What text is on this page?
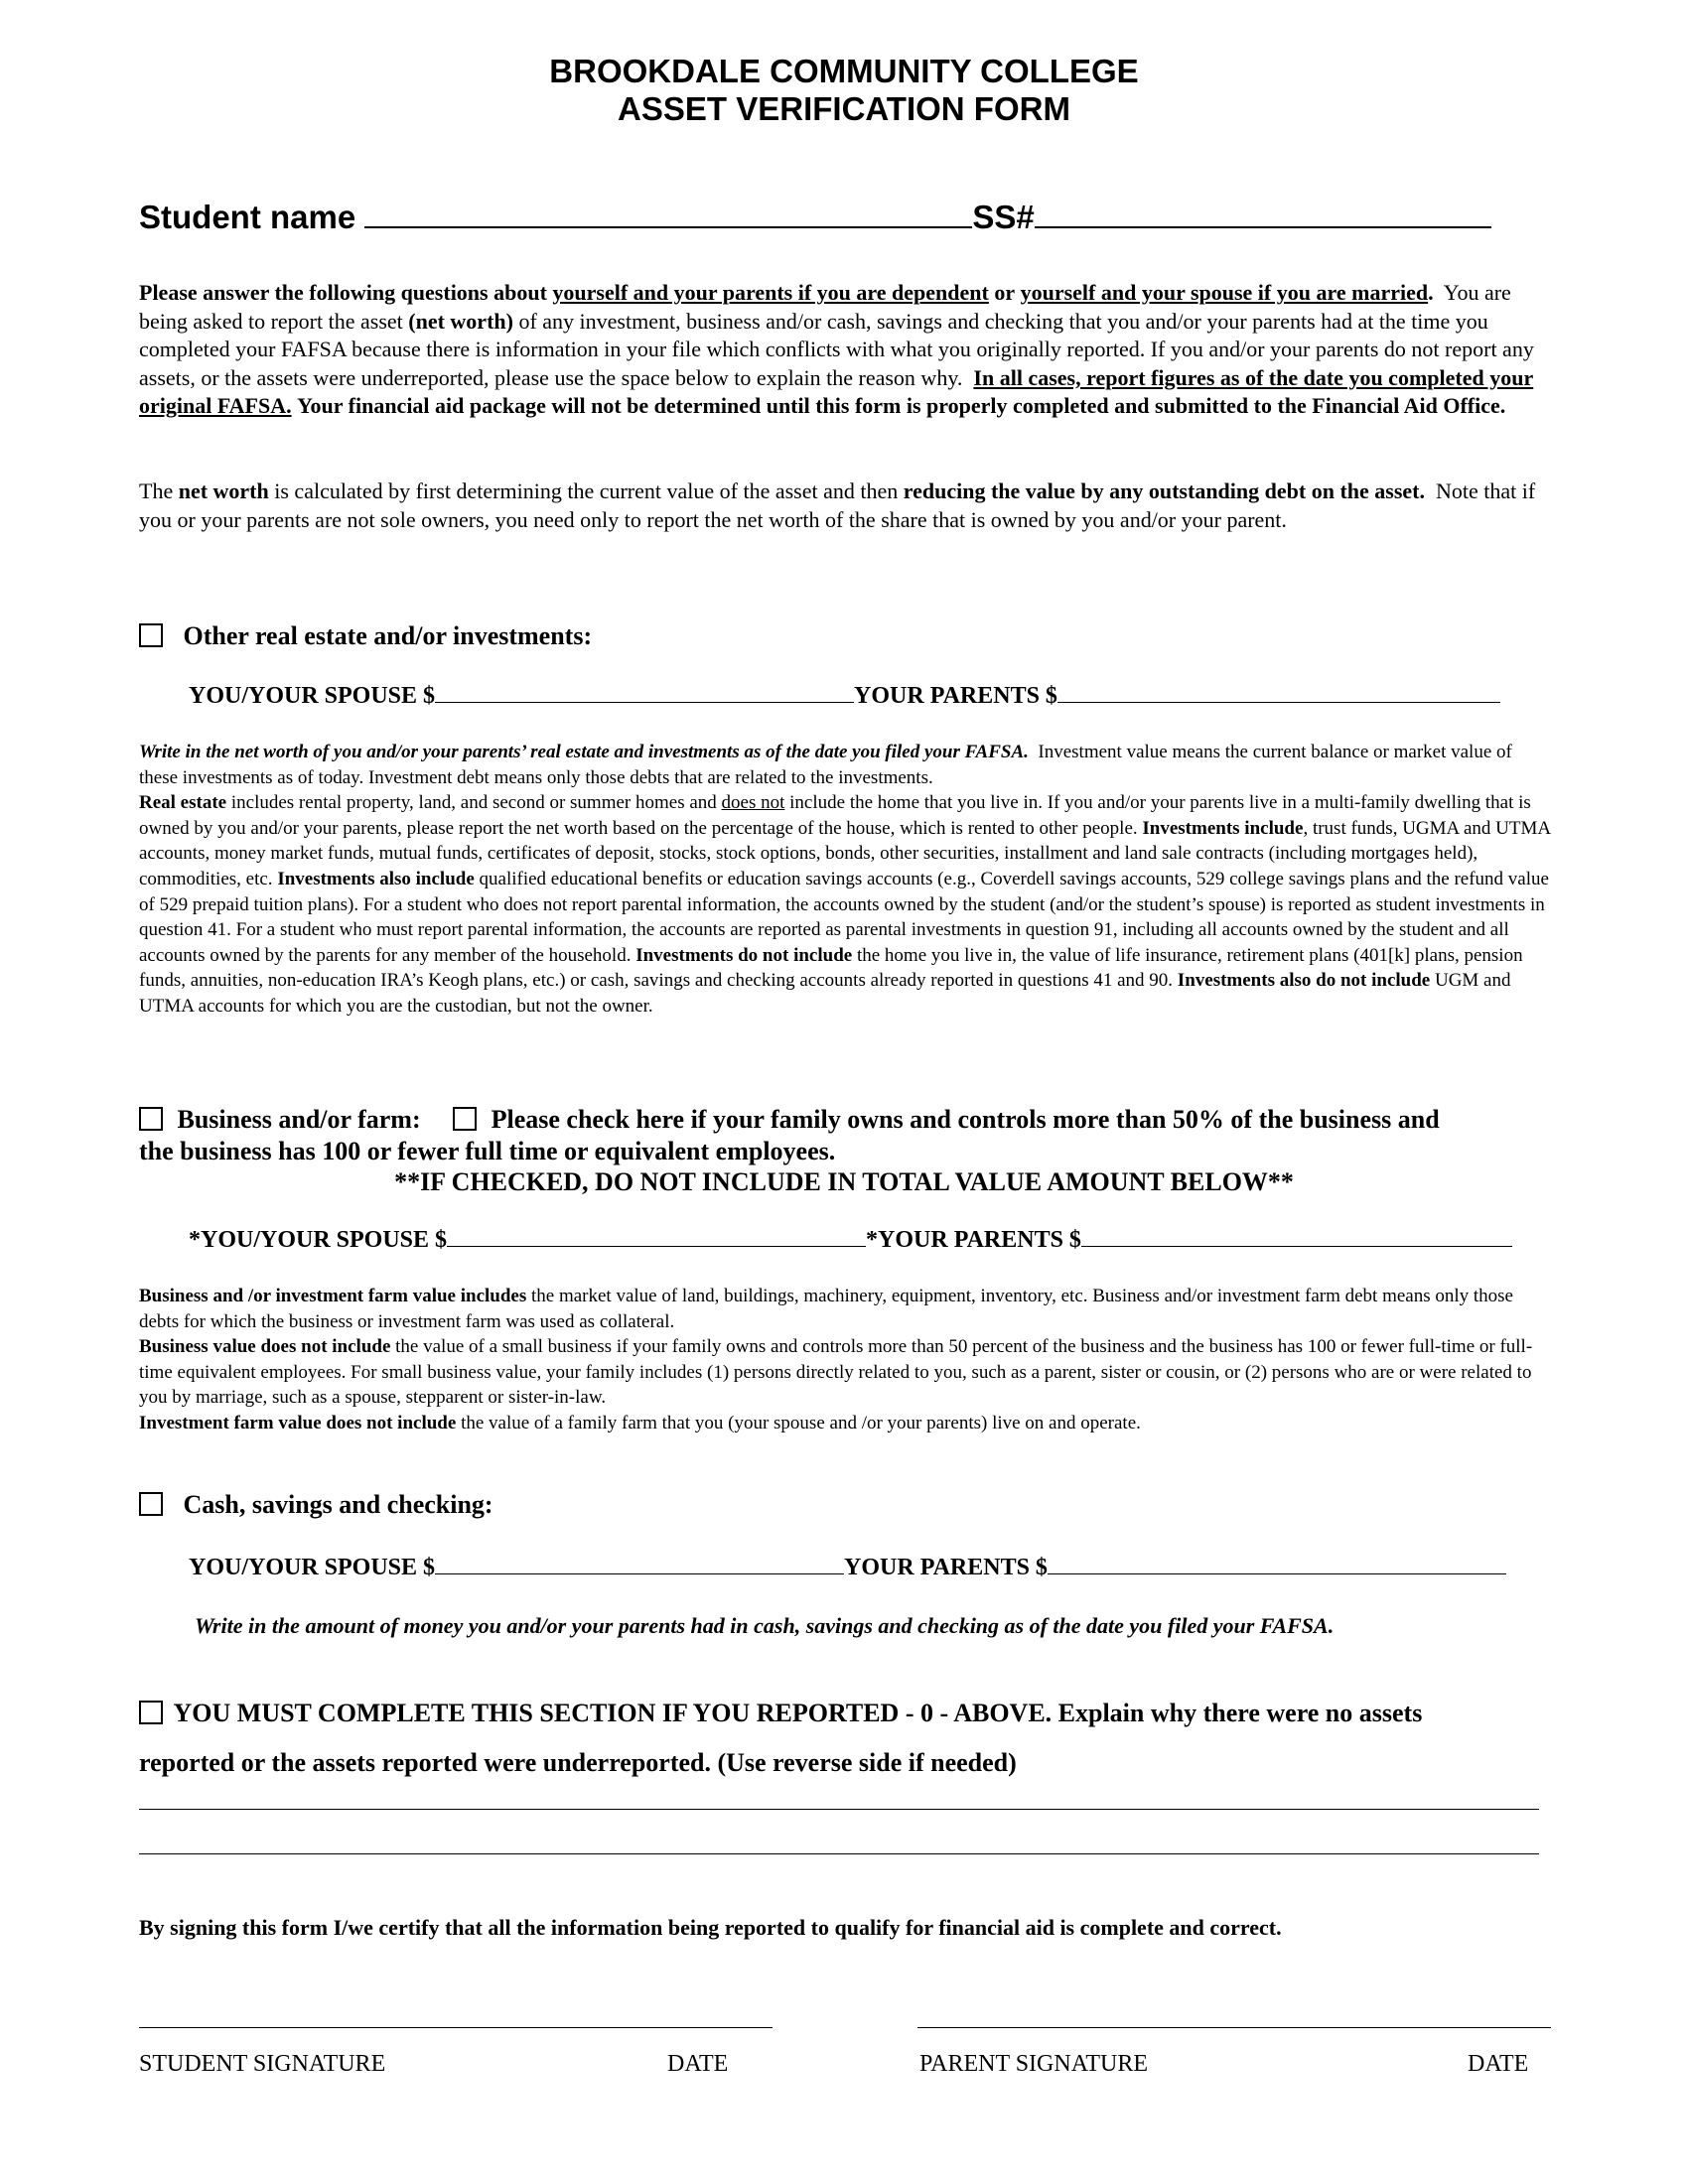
BROOKDALE COMMUNITY COLLEGE
ASSET VERIFICATION FORM
Student name	SS#
Please answer the following questions about yourself and your parents if you are dependent or yourself and your spouse if you are married. You are being asked to report the asset (net worth) of any investment, business and/or cash, savings and checking that you and/or your parents had at the time you completed your FAFSA because there is information in your file which conflicts with what you originally reported. If you and/or your parents do not report any assets, or the assets were underreported, please use the space below to explain the reason why. In all cases, report figures as of the date you completed your original FAFSA. Your financial aid package will not be determined until this form is properly completed and submitted to the Financial Aid Office.
The net worth is calculated by first determining the current value of the asset and then reducing the value by any outstanding debt on the asset. Note that if you or your parents are not sole owners, you need only to report the net worth of the share that is owned by you and/or your parent.
Other real estate and/or investments:
YOU/YOUR SPOUSE $	YOUR PARENTS $
Write in the net worth of you and/or your parents’ real estate and investments as of the date you filed your FAFSA. Investment value means the current balance or market value of these investments as of today. Investment debt means only those debts that are related to the investments.
Real estate includes rental property, land, and second or summer homes and does not include the home that you live in. If you and/or your parents live in a multi-family dwelling that is owned by you and/or your parents, please report the net worth based on the percentage of the house, which is rented to other people. Investments include, trust funds, UGMA and UTMA accounts, money market funds, mutual funds, certificates of deposit, stocks, stock options, bonds, other securities, installment and land sale contracts (including mortgages held), commodities, etc. Investments also include qualified educational benefits or education savings accounts (e.g., Coverdell savings accounts, 529 college savings plans and the refund value of 529 prepaid tuition plans). For a student who does not report parental information, the accounts owned by the student (and/or the student’s spouse) is reported as student investments in question 41. For a student who must report parental information, the accounts are reported as parental investments in question 91, including all accounts owned by the student and all accounts owned by the parents for any member of the household. Investments do not include the home you live in, the value of life insurance, retirement plans (401[k] plans, pension funds, annuities, non-education IRA’s Keogh plans, etc.) or cash, savings and checking accounts already reported in questions 41 and 90. Investments also do not include UGM and UTMA accounts for which you are the custodian, but not the owner.
Business and/or farm:	Please check here if your family owns and controls more than 50% of the business and
the business has 100 or fewer full time or equivalent employees.
**IF CHECKED, DO NOT INCLUDE IN TOTAL VALUE AMOUNT BELOW**
*YOU/YOUR SPOUSE $	*YOUR PARENTS $
Business and /or investment farm value includes the market value of land, buildings, machinery, equipment, inventory, etc. Business and/or investment farm debt means only those debts for which the business or investment farm was used as collateral.
Business value does not include the value of a small business if your family owns and controls more than 50 percent of the business and the business has 100 or fewer full-time or full-time equivalent employees. For small business value, your family includes (1) persons directly related to you, such as a parent, sister or cousin, or (2) persons who are or were related to you by marriage, such as a spouse, stepparent or sister-in-law.
Investment farm value does not include the value of a family farm that you (your spouse and /or your parents) live on and operate.
Cash, savings and checking:
YOU/YOUR SPOUSE $	YOUR PARENTS $
Write in the amount of money you and/or your parents had in cash, savings and checking as of the date you filed your FAFSA.
YOU MUST COMPLETE THIS SECTION IF YOU REPORTED - 0 - ABOVE. Explain why there were no assets
reported or the assets reported were underreported. (Use reverse side if needed)
By signing this form I/we certify that all the information being reported to qualify for financial aid is complete and correct.
STUDENT SIGNATURE	DATE	PARENT SIGNATURE	DATE
